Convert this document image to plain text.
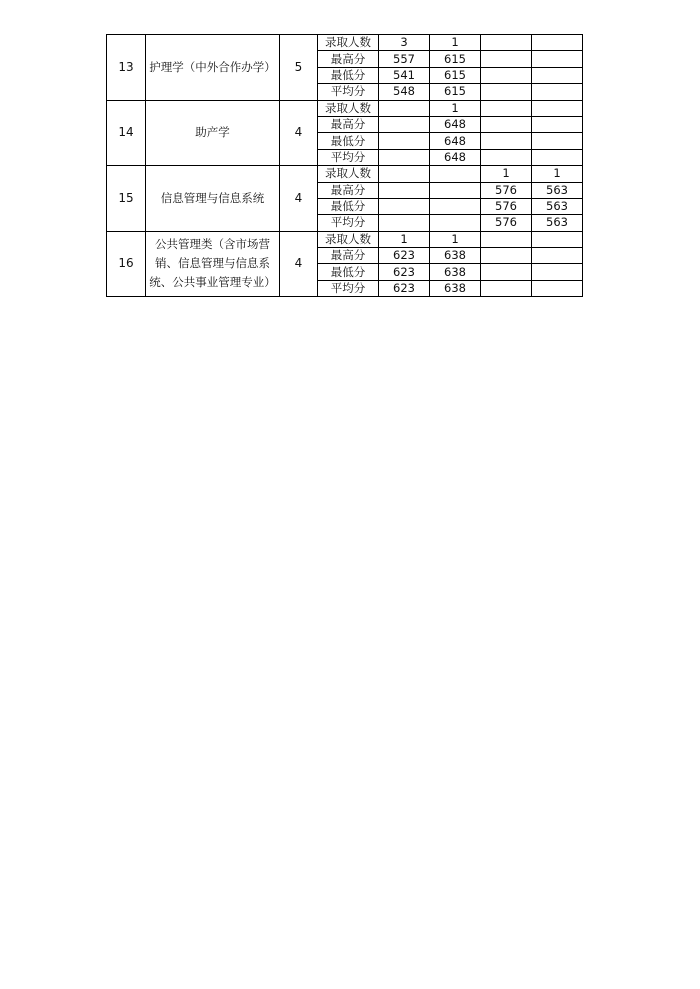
13	护理学（中外合作办学）	5	录取人数	3	1		
			最高分	557	615		
			最低分	541	615		
			平均分	548	615		
14	助产学	4	录取人数		1		
			最高分		648		
			最低分		648		
			平均分		648		
15	信息管理与信息系统	4	录取人数			1	1
			最高分			576	563
			最低分			576	563
			平均分			576	563
16	公共管理类（含市场营销、信息管理与信息系统、公共事业管理专业）	4	录取人数	1	1		
			最高分	623	638		
			最低分	623	638		
			平均分	623	638		
